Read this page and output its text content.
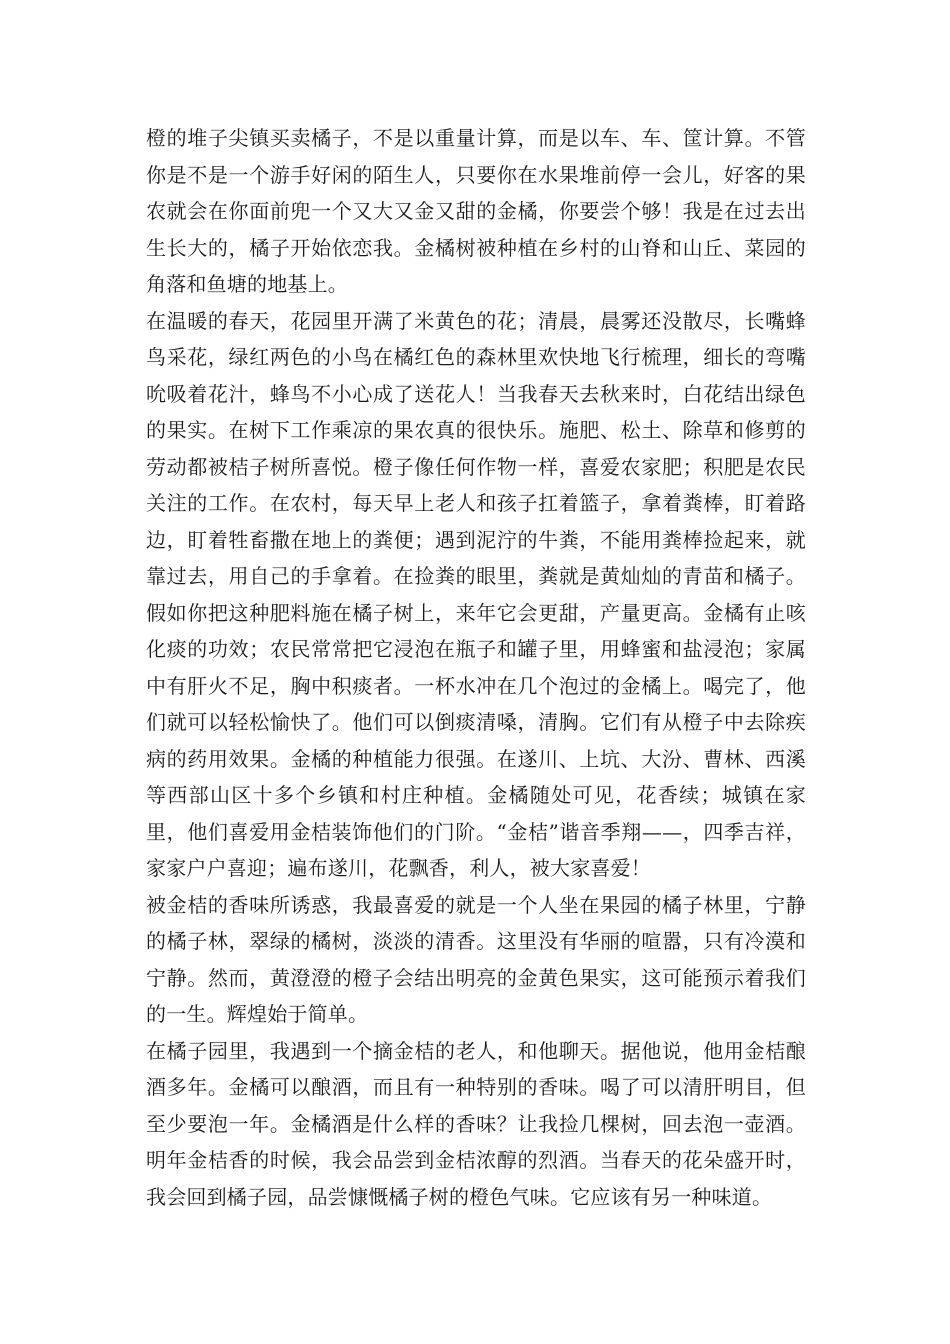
橙的堆子尖镇买卖橘子，不是以重量计算，而是以车、车、筐计算。不管你是不是一个游手好闲的陌生人，只要你在水果堆前停一会儿，好客的果农就会在你面前兜一个又大又金又甜的金橘，你要尝个够！我是在过去出生长大的，橘子开始依恋我。金橘树被种植在乡村的山脊和山丘、菜园的角落和鱼塘的地基上。

在温暖的春天，花园里开满了米黄色的花；清晨，晨雾还没散尽，长嘴蜂鸟采花，绿红两色的小鸟在橘红色的森林里欢快地飞行梳理，细长的弯嘴吮吸着花汁，蜂鸟不小心成了送花人！当我春天去秋来时，白花结出绿色的果实。在树下工作乘凉的果农真的很快乐。施肥、松土、除草和修剪的劳动都被桔子树所喜悦。橙子像任何作物一样，喜爱农家肥；积肥是农民关注的工作。在农村，每天早上老人和孩子扛着篮子，拿着粪棒，盯着路边，盯着牲畜撒在地上的粪便；遇到泥泞的牛粪，不能用粪棒捡起来，就靠过去，用自己的手拿着。在捡粪的眼里，粪就是黄灿灿的青苗和橘子。假如你把这种肥料施在橘子树上，来年它会更甜，产量更高。金橘有止咳化痰的功效；农民常常把它浸泡在瓶子和罐子里，用蜂蜜和盐浸泡；家属中有肝火不足，胸中积痰者。一杯水冲在几个泡过的金橘上。喝完了，他们就可以轻松愉快了。他们可以倒痰清嗓，清胸。它们有从橙子中去除疾病的药用效果。金橘的种植能力很强。在遂川、上坑、大汾、曹林、西溪等西部山区十多个乡镇和村庄种植。金橘随处可见，花香续；城镇在家里，他们喜爱用金桔装饰他们的门阶。“金桔”谐音季翔——，四季吉祥，家家户户喜迎；遍布遂川，花飘香，利人，被大家喜爱！

被金桔的香味所诱惑，我最喜爱的就是一个人坐在果园的橘子林里，宁静的橘子林，翠绿的橘树，淡淡的清香。这里没有华丽的喧嚣，只有冷漠和宁静。然而，黄澄澄的橙子会结出明亮的金黄色果实，这可能预示着我们的一生。辉煌始于简单。

在橘子园里，我遇到一个摘金桔的老人，和他聊天。据他说，他用金桔酿酒多年。金橘可以酿酒，而且有一种特别的香味。喝了可以清肝明目，但至少要泡一年。金橘酒是什么样的香味？让我捡几棵树，回去泡一壶酒。明年金桔香的时候，我会品尝到金桔浓醇的烈酒。当春天的花朵盛开时，我会回到橘子园，品尝慷慨橘子树的橙色气味。它应该有另一种味道。
